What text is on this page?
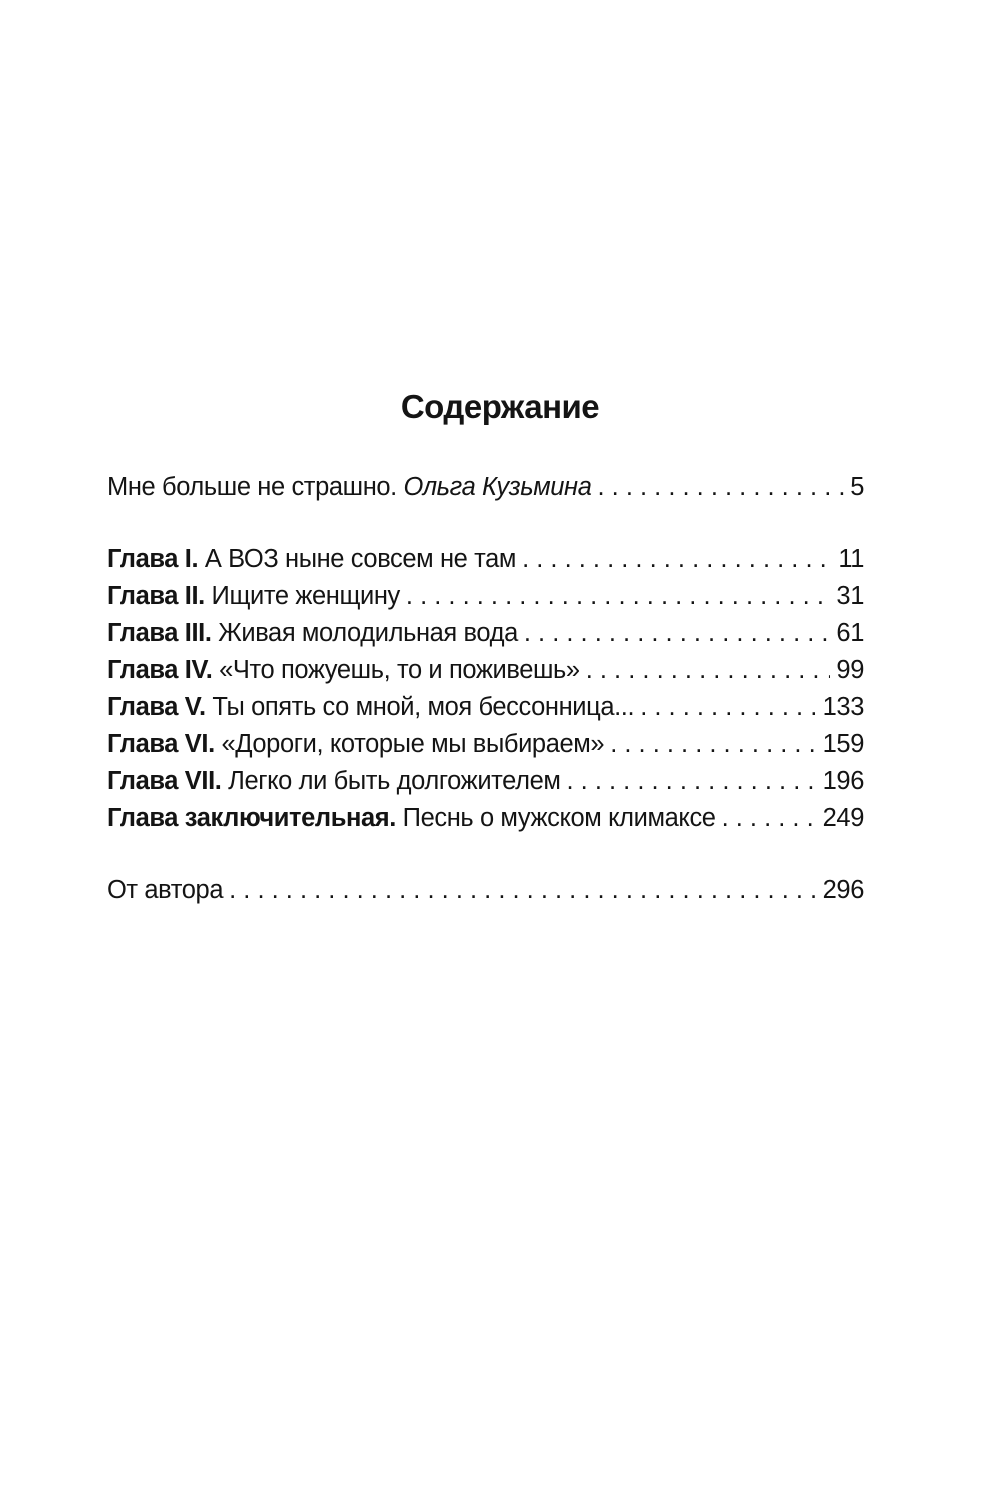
Содержание
Мне больше не страшно. Ольга Кузьмина . . .	5
Глава I. А ВОЗ ныне совсем не там . . .	11
Глава II. Ищите женщину . . .	31
Глава III. Живая молодильная вода . . .	61
Глава IV. «Что пожуешь, то и поживешь» . . .	99
Глава V. Ты опять со мной, моя бессонница... . . .	133
Глава VI. «Дороги, которые мы выбираем» . . .	159
Глава VII. Легко ли быть долгожителем . . .	196
Глава заключительная. Песнь о мужском климаксе . . .	249
От автора . . .	296
